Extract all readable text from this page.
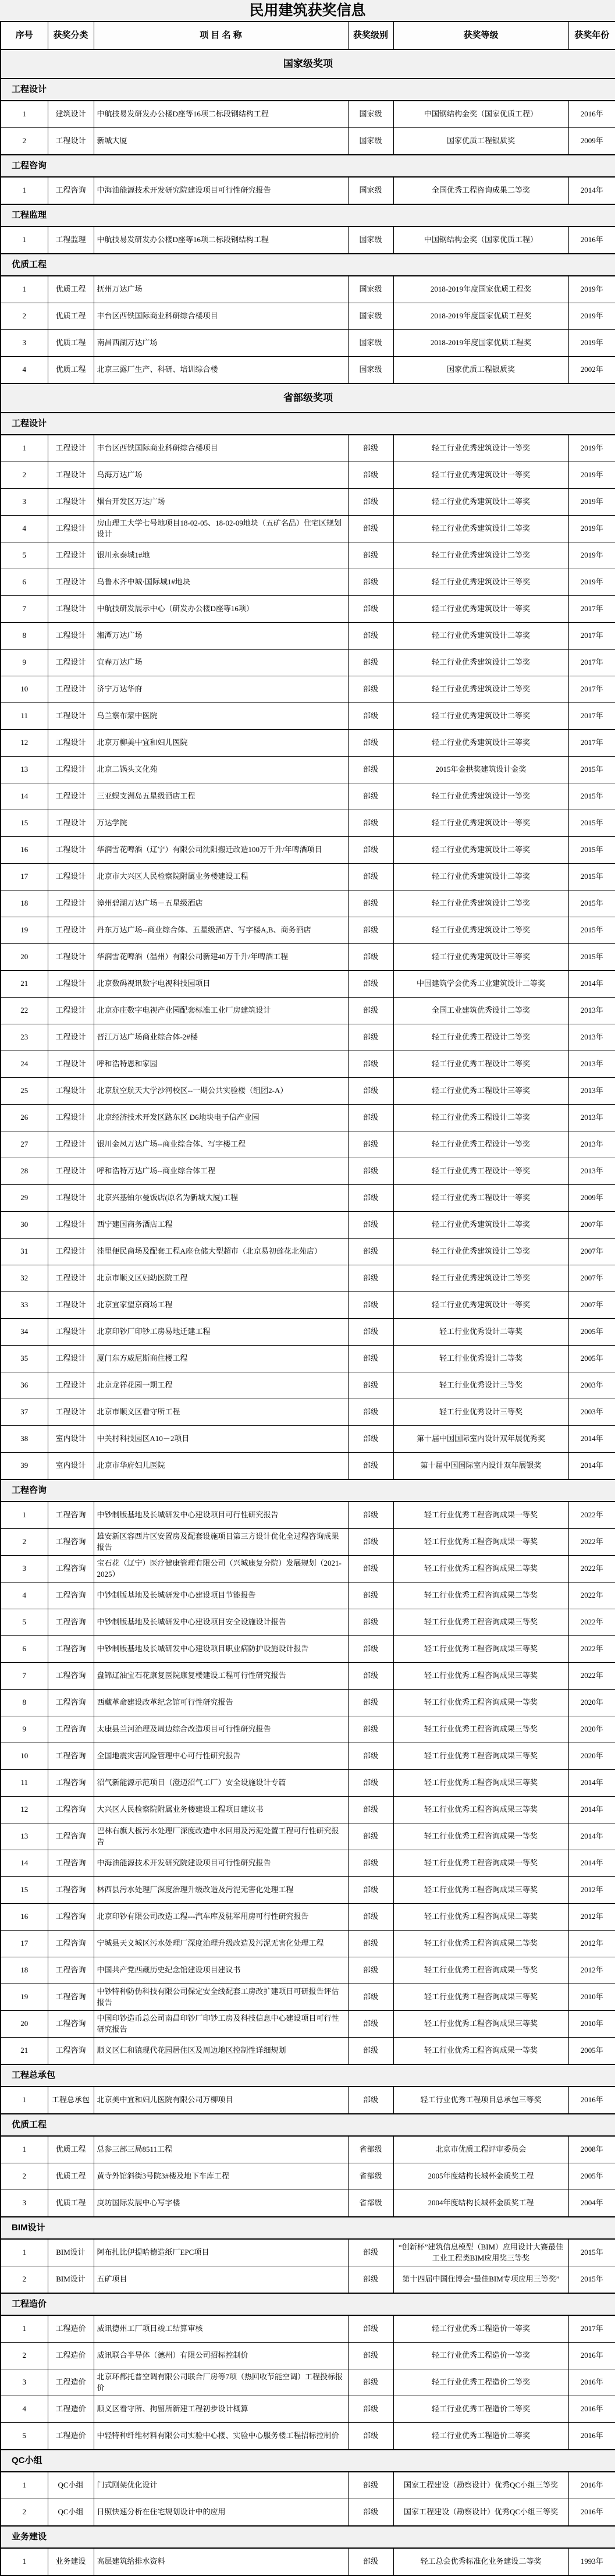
民用建筑获奖信息
序号	获奖分类	项 目 名 称	获奖级别	获奖等级	获奖年份
国家级奖项					
工程设计					
1	建筑设计	中航技易发研发办公楼D座等16项二标段钢结构工程	国家级	中国钢结构金奖（国家优质工程）	2016年
2	工程设计	新城大厦	国家级	国家优质工程银质奖	2009年
工程咨询					
1	工程咨询	中海油能源技术开发研究院建设项目可行性研究报告	国家级	全国优秀工程咨询成果二等奖	2014年
工程监理					
1	工程监理	中航技易发研发办公楼D座等16项二标段钢结构工程	国家级	中国钢结构金奖（国家优质工程）	2016年
优质工程					
1	优质工程	抚州万达广场	国家级	2018-2019年度国家优质工程奖	2019年
2	优质工程	丰台区西铁国际商业科研综合楼项目	国家级	2018-2019年度国家优质工程奖	2019年
3	优质工程	南昌西湖万达广场	国家级	2018-2019年度国家优质工程奖	2019年
4	优质工程	北京三露厂生产、科研、培训综合楼	国家级	国家优质工程银质奖	2002年
省部级奖项					
工程设计					
1	工程设计	丰台区西铁国际商业科研综合楼项目	部级	轻工行业优秀建筑设计一等奖	2019年
2	工程设计	乌海万达广场	部级	轻工行业优秀建筑设计一等奖	2019年
3	工程设计	烟台开发区万达广场	部级	轻工行业优秀建筑设计二等奖	2019年
4	工程设计	房山理工大学七号地项目18-02-05、18-02-09地块（五矿名品）住宅区规划设计	部级	轻工行业优秀建筑设计二等奖	2019年
5	工程设计	银川永泰城1#地	部级	轻工行业优秀建筑设计二等奖	2019年
6	工程设计	乌鲁木齐中城·国际城1#地块	部级	轻工行业优秀建筑设计三等奖	2019年
7	工程设计	中航技研发展示中心（研发办公楼D座等16项）	部级	轻工行业优秀建筑设计一等奖	2017年
8	工程设计	湘潭万达广场	部级	轻工行业优秀建筑设计二等奖	2017年
9	工程设计	宜春万达广场	部级	轻工行业优秀建筑设计二等奖	2017年
10	工程设计	济宁万达华府	部级	轻工行业优秀建筑设计二等奖	2017年
11	工程设计	乌兰察布蒙中医院	部级	轻工行业优秀建筑设计二等奖	2017年
12	工程设计	北京万柳美中宜和妇儿医院	部级	轻工行业优秀建筑设计三等奖	2017年
13	工程设计	北京二锅头文化苑	部级	2015年金拱奖建筑设计金奖	2015年
14	工程设计	三亚蜈支洲岛五星级酒店工程	部级	轻工行业优秀建筑设计一等奖	2015年
15	工程设计	万达学院	部级	轻工行业优秀建筑设计一等奖	2015年
16	工程设计	华润雪花啤酒（辽宁）有限公司沈阳搬迁改造100万千升/年啤酒项目	部级	轻工行业优秀建筑设计二等奖	2015年
17	工程设计	北京市大兴区人民检察院附属业务楼建设工程	部级	轻工行业优秀建筑设计二等奖	2015年
18	工程设计	漳州碧湖万达广场－五星级酒店	部级	轻工行业优秀建筑设计二等奖	2015年
19	工程设计	丹东万达广场--商业综合体、五星级酒店、写字楼A,B、商务酒店	部级	轻工行业优秀建筑设计二等奖	2015年
20	工程设计	华润雪花啤酒（温州）有限公司新建40万千升/年啤酒工程	部级	轻工行业优秀建筑设计三等奖	2015年
21	工程设计	北京数码视讯数字电视科技园项目	部级	中国建筑学会优秀工业建筑设计二等奖	2014年
22	工程设计	北京亦庄数字电视产业园配套标准工业厂房建筑设计	部级	全国工业建筑优秀设计二等奖	2013年
23	工程设计	晋江万达广场商业综合体-2#楼	部级	轻工行业优秀工程设计二等奖	2013年
24	工程设计	呼和浩特恩和家园	部级	轻工行业优秀工程设计二等奖	2013年
25	工程设计	北京航空航天大学沙河校区--一期公共实验楼（组团2-A）	部级	轻工行业优秀工程设计三等奖	2013年
26	工程设计	北京经济技术开发区路东区 D6地块电子信产业园	部级	轻工行业优秀工程设计二等奖	2013年
27	工程设计	银川金凤万达广场--商业综合体、写字楼工程	部级	轻工行业优秀工程设计一等奖	2013年
28	工程设计	呼和浩特万达广场--商业综合体工程	部级	轻工行业优秀工程设计一等奖	2013年
29	工程设计	北京兴基铂尔曼饭店(原名为新城大厦)工程	部级	轻工行业优秀工程设计一等奖	2009年
30	工程设计	西宁建国商务酒店工程	部级	轻工行业优秀建筑设计二等奖	2007年
31	工程设计	洼里便民商场及配套工程A座仓储大型超市（北京易初莲花北苑店）	部级	轻工行业优秀建筑设计二等奖	2007年
32	工程设计	北京市顺义区妇幼医院工程	部级	轻工行业优秀建筑设计二等奖	2007年
33	工程设计	北京宜家望京商场工程	部级	轻工行业优秀建筑设计一等奖	2007年
34	工程设计	北京印钞厂印钞工房易地迁建工程	部级	轻工行业优秀设计二等奖	2005年
35	工程设计	厦门东方威尼斯商住楼工程	部级	轻工行业优秀设计二等奖	2005年
36	工程设计	北京龙祥花园一期工程	部级	轻工行业优秀设计三等奖	2003年
37	工程设计	北京市顺义区看守所工程	部级	轻工行业优秀设计三等奖	2003年
38	室内设计	中关村科技园区A10－2项目	部级	第十届中国国际室内设计双年展优秀奖	2014年
39	室内设计	北京市华府妇儿医院	部级	第十届中国国际室内设计双年展银奖	2014年
工程咨询					
1	工程咨询	中钞制版基地及长城研发中心建设项目可行性研究报告	部级	轻工行业优秀工程咨询成果一等奖	2022年
2	工程咨询	雄安新区容西片区安置房及配套设施项目第三方设计优化全过程咨询成果报告	部级	轻工行业优秀工程咨询成果一等奖	2022年
3	工程咨询	宝石花（辽宁）医疗健康管理有限公司（兴城康复分院）发展规划（2021-2025）	部级	轻工行业优秀工程咨询成果二等奖	2022年
4	工程咨询	中钞制版基地及长城研发中心建设项目节能报告	部级	轻工行业优秀工程咨询成果二等奖	2022年
5	工程咨询	中钞制版基地及长城研发中心建设项目安全设施设计报告	部级	轻工行业优秀工程咨询成果三等奖	2022年
6	工程咨询	中钞制版基地及长城研发中心建设项目职业病防护设施设计报告	部级	轻工行业优秀工程咨询成果三等奖	2022年
7	工程咨询	盘锦辽油宝石花康复医院康复楼建设工程可行性研究报告	部级	轻工行业优秀工程咨询成果三等奖	2022年
8	工程咨询	西藏革命建设改革纪念馆可行性研究报告	部级	轻工行业优秀工程咨询成果一等奖	2020年
9	工程咨询	太康县兰河治理及周边综合改造项目可行性研究报告	部级	轻工行业优秀工程咨询成果三等奖	2020年
10	工程咨询	全国地震灾害风险管理中心可行性研究报告	部级	轻工行业优秀工程咨询成果三等奖	2020年
11	工程咨询	沼气新能源示范项目（澄迈沼气工厂）安全设施设计专篇	部级	轻工行业优秀工程咨询成果三等奖	2014年
12	工程咨询	大兴区人民检察院附属业务楼建设工程项目建议书	部级	轻工行业优秀工程咨询成果三等奖	2014年
13	工程咨询	巴林右旗大板污水处理厂深度改造中水回用及污泥处置工程可行性研究报告	部级	轻工行业优秀工程咨询成果一等奖	2014年
14	工程咨询	中海油能源技术开发研究院建设项目可行性研究报告	部级	轻工行业优秀工程咨询成果一等奖	2014年
15	工程咨询	林西县污水处理厂深度治理升级改造及污泥无害化处理工程	部级	轻工行业优秀工程咨询成果三等奖	2012年
16	工程咨询	北京印钞有限公司改造工程---汽车库及驻军用房可行性研究报告	部级	轻工行业优秀工程咨询成果二等奖	2012年
17	工程咨询	宁城县天义城区污水处理厂深度治理升级改造及污泥无害化处理工程	部级	轻工行业优秀工程咨询成果二等奖	2012年
18	工程咨询	中国共产党西藏历史纪念馆建设项目建议书	部级	轻工行业优秀工程咨询成果一等奖	2012年
19	工程咨询	中钞特种防伪科技有限公司保定安全线配套工房改扩建项目可研报告评估报告	部级	轻工行业优秀工程咨询成果三等奖	2010年
20	工程咨询	中国印钞造币总公司南昌印钞厂印钞工房及科技信息中心建设项目可行性研究报告	部级	轻工行业优秀工程咨询成果三等奖	2010年
21	工程咨询	顺义区仁和镇现代花园居住区及周边地区控制性详细规划	部级	轻工行业优秀工程咨询成果一等奖	2005年
工程总承包					
1	工程总承包	北京美中宜和妇儿医院有限公司万柳项目	部级	轻工行业优秀工程项目总承包三等奖	2016年
优质工程					
1	优质工程	总参三部三局8511工程	省部级	北京市优质工程评审委员会	2008年
2	优质工程	黄寺外馆斜街3号院3#楼及地下车库工程	省部级	2005年度结构长城杯金质奖工程	2005年
3	优质工程	庚坊国际发展中心写字楼	省部级	2004年度结构长城杯金质奖工程	2004年
BIM设计					
1	BIM设计	阿布扎比伊提哈德造纸厂EPC项目	部级	“创新杯”建筑信息模型（BIM）应用设计大赛最佳工业工程类BIM应用奖三等奖	2015年
2	BIM设计	五矿项目	部级	第十四届中国住博会“最佳BIM专项应用三等奖”	2015年
工程造价					
1	工程造价	威讯德州工厂项目竣工结算审核	部级	轻工行业优秀工程造价一等奖	2017年
2	工程造价	威讯联合半导体（德州）有限公司招标控制价	部级	轻工行业优秀工程造价一等奖	2016年
3	工程造价	北京环都托普空调有限公司联合厂房等7项（热回收节能空调）工程投标报价	部级	轻工行业优秀工程造价二等奖	2016年
4	工程造价	顺义区看守所、拘留所新建工程初步设计概算	部级	轻工行业优秀工程造价二等奖	2016年
5	工程造价	中轻特种纤维材料有限公司实验中心楼、实验中心服务楼工程招标控制价	部级	轻工行业优秀工程造价二等奖	2016年
QC小组					
1	QC小组	门式刚架优化设计	部级	国家工程建设（勘察设计）优秀QC小组三等奖	2016年
2	QC小组	日照快速分析在住宅规划设计中的应用	部级	国家工程建设（勘察设计）优秀QC小组三等奖	2016年
业务建设					
1	业务建设	高层建筑给排水资料	部级	轻工总会优秀标准化业务建设二等奖	1993年
